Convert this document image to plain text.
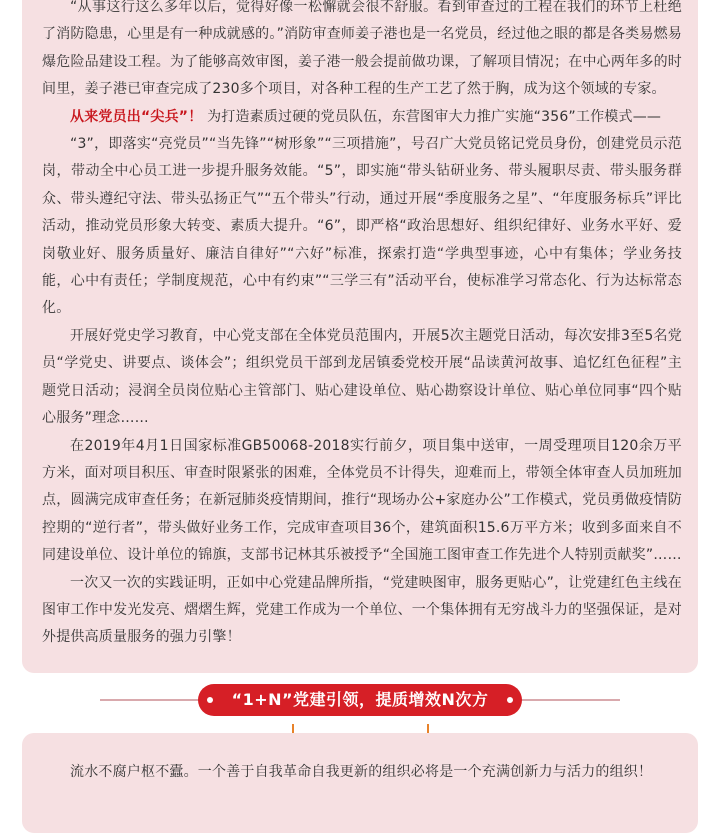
“从事这行这么多年以后，觉得好像一松懈就会很不舒服。看到审查过的工程在我们的环节上杜绝了消防隐患，心里是有一种成就感的。”消防审查师姜子港也是一名党员，经过他之眼的都是各类易燃易爆危险品建设工程。为了能够高效审图，姜子港一般会提前做功课，了解项目情况；在中心两年多的时间里，姜子港已审查完成了230多个项目，对各种工程的生产工艺了然于胸，成为这个领域的专家。

从来党员出“尖兵”！ 为打造素质过硬的党员队伍，东营图审大力推广实施“356”工作模式——

“3”，即落实“亮党员”“当先锋”“树形象”“三项措施”，号召广大党员铭记党员身份，创建党员示范岗，带动全中心员工进一步提升服务效能。“5”，即实施“带头钻研业务、带头履职尽责、带头服务群众、带头遵纪守法、带头弘扬正气”“五个带头”行动，通过开展“季度服务之星”、“年度服务标兵”评比活动，推动党员形象大转变、素质大提升。“6”，即严格“政治思想好、组织纪律好、业务水平好、爱岗敬业好、服务质量好、廉洁自律好”“六好”标准，探索打造“学典型事迹，心中有集体；学业务技能，心中有责任；学制度规范，心中有约束”“三学三有”活动平台，使标准学习常态化、行为达标常态化。

开展好党史学习教育，中心党支部在全体党员范围内，开展5次主题党日活动，每次安排3至5名党员“学党史、讲要点、谈体会”；组织党员干部到龙居镇委党校开展“品读黄河故事、追忆红色征程”主题党日活动；浸润全员岗位贴心主管部门、贴心建设单位、贴心勘察设计单位、贴心单位同事“四个贴心服务”理念……

在2019年4月1日国家标准GB50068-2018实行前夕，项目集中送审，一周受理项目120余万平方米，面对项目积压、审查时限紧张的困难，全体党员不计得失，迎难而上，带领全体审查人员加班加点，圆满完成审查任务；在新冠肺炎疫情期间，推行“现场办公+家庭办公”工作模式，党员勇做疫情防控期的“逆行者”，带头做好业务工作，完成审查项目36个，建筑面积15.6万平方米；收到多面来自不同建设单位、设计单位的锦旗，支部书记林其乐被授予“全国施工图审查工作先进个人特别贡献奖”……

一次又一次的实践证明，正如中心党建品牌所指，“党建映图审，服务更贴心”，让党建红色主线在图审工作中发光发亮、熠熠生辉，党建工作成为一个单位、一个集体拥有无穷战斗力的坚强保证，是对外提供高质量服务的强力引擎！

“1+N”党建引领，提质增效N次方

流水不腐户枢不蠹。一个善于自我革命自我更新的组织必将是一个充满创新力与活力的组织！
